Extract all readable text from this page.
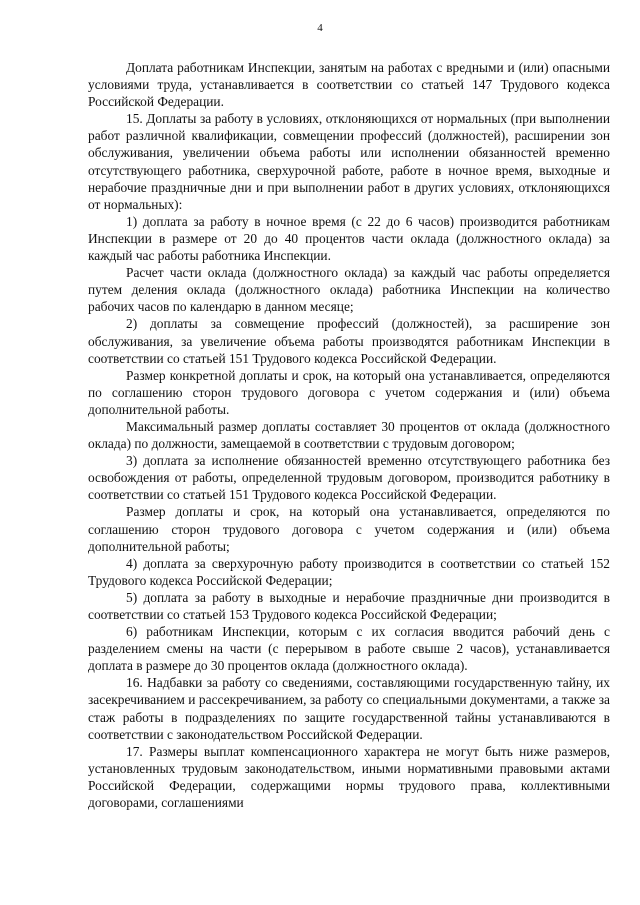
4

Доплата работникам Инспекции, занятым на работах с вредными и (или) опасными условиями труда, устанавливается в соответствии со статьей 147 Трудового кодекса Российской Федерации.

15. Доплаты за работу в условиях, отклоняющихся от нормальных (при выполнении работ различной квалификации, совмещении профессий (должностей), расширении зон обслуживания, увеличении объема работы или исполнении обязанностей временно отсутствующего работника, сверхурочной работе, работе в ночное время, выходные и нерабочие праздничные дни и при выполнении работ в других условиях, отклоняющихся от нормальных):

1) доплата за работу в ночное время (с 22 до 6 часов) производится работникам Инспекции в размере от 20 до 40 процентов части оклада (должностного оклада) за каждый час работы работника Инспекции.

Расчет части оклада (должностного оклада) за каждый час работы определяется путем деления оклада (должностного оклада) работника Инспекции на количество рабочих часов по календарю в данном месяце;

2) доплаты за совмещение профессий (должностей), за расширение зон обслуживания, за увеличение объема работы производятся работникам Инспекции в соответствии со статьей 151 Трудового кодекса Российской Федерации.

Размер конкретной доплаты и срок, на который она устанавливается, определяются по соглашению сторон трудового договора с учетом содержания и (или) объема дополнительной работы.

Максимальный размер доплаты составляет 30 процентов от оклада (должностного оклада) по должности, замещаемой в соответствии с трудовым договором;

3) доплата за исполнение обязанностей временно отсутствующего работника без освобождения от работы, определенной трудовым договором, производится работнику в соответствии со статьей 151 Трудового кодекса Российской Федерации.

Размер доплаты и срок, на который она устанавливается, определяются по соглашению сторон трудового договора с учетом содержания и (или) объема дополнительной работы;

4) доплата за сверхурочную работу производится в соответствии со статьей 152 Трудового кодекса Российской Федерации;

5) доплата за работу в выходные и нерабочие праздничные дни производится в соответствии со статьей 153 Трудового кодекса Российской Федерации;

6) работникам Инспекции, которым с их согласия вводится рабочий день с разделением смены на части (с перерывом в работе свыше 2 часов), устанавливается доплата в размере до 30 процентов оклада (должностного оклада).

16. Надбавки за работу со сведениями, составляющими государственную тайну, их засекречиванием и рассекречиванием, за работу со специальными документами, а также за стаж работы в подразделениях по защите государственной тайны устанавливаются в соответствии с законодательством Российской Федерации.

17. Размеры выплат компенсационного характера не могут быть ниже размеров, установленных трудовым законодательством, иными нормативными правовыми актами Российской Федерации, содержащими нормы трудового права, коллективными договорами, соглашениями
